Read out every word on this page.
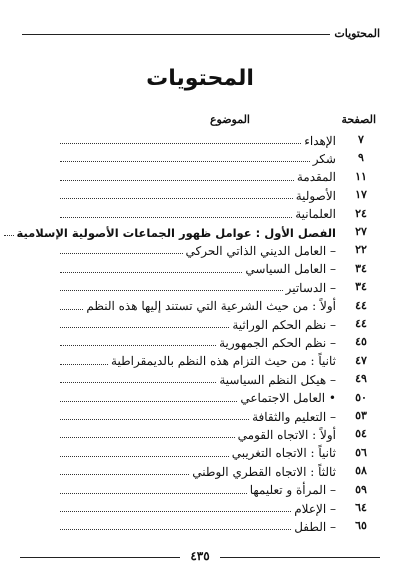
المحتويات
المحتويات
الصفحة
الموضوع
٧
الإهداء
٩
شكر
١١
المقدمة
١٧
الأصولية
٢٤
العلمانية
٢٧
الفصل الأول : عوامل ظهور الجماعات الأصولية الإسلامية
٢٢
– العامل الديني الذاتي الحركي
٣٤
– العامل السياسي
٣٤
– الدساتير
٤٤
أولاً : من حيث الشرعية التي تستند إليها هذه النظم
٤٤
– نظم الحكم الوراثية
٤٥
– نظم الحكم الجمهورية
٤٧
ثانياً : من حيث التزام هذه النظم بالديمقراطية
٤٩
– هيكل النظم السياسية
٥٠
• العامل الاجتماعي
٥٣
– التعليم والثقافة
٥٤
أولاً : الاتجاه القومي
٥٦
ثانياً : الاتجاه التغريبي
٥٨
ثالثاً : الاتجاه القطري الوطني
٥٩
– المرأة و تعليمها
٦٤
– الإعلام
٦٥
– الطفل
٤٣٥
